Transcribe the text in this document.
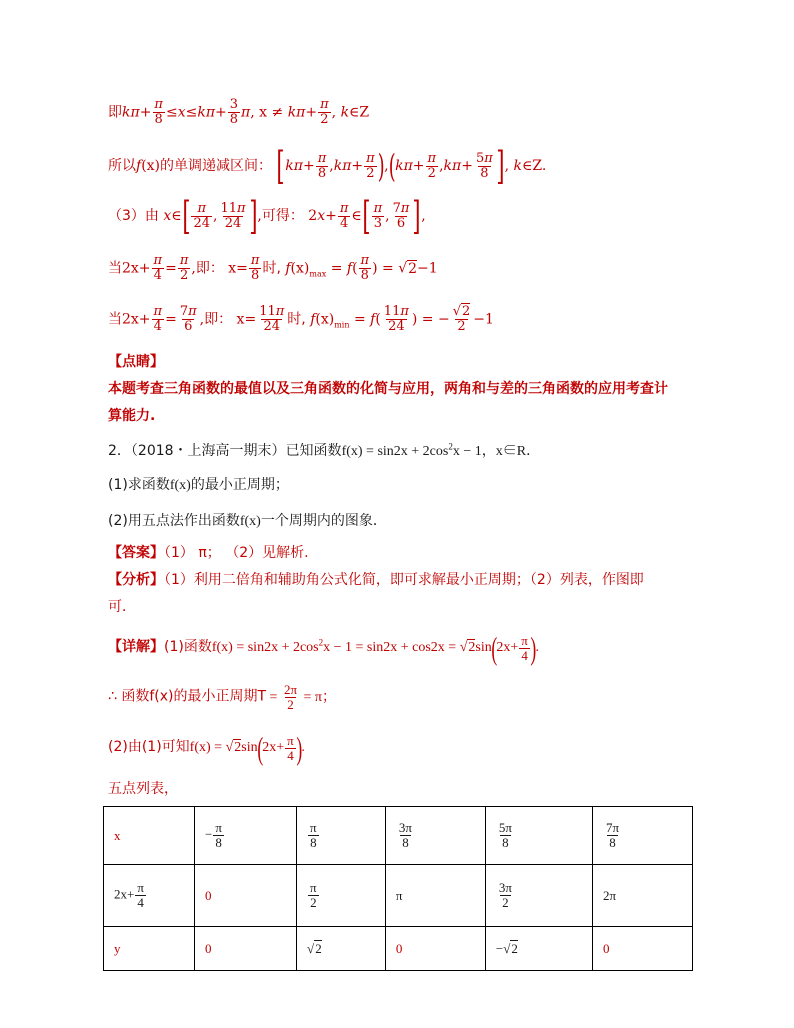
即$k\pi+ \frac{\pi}{8} \le x\le k\pi+ \frac{3}{8} \pi$, $x \ne k\pi+ \frac{\pi}{2}$ , k∈Z
所以f(x)的单调递减区间： $[k\pi+ \frac{\pi}{8} ,k\pi+ \frac{\pi}{2} ),(k\pi+ \frac{\pi}{2} ,k\pi+ \frac{5\pi}{8}$ ], k∈Z.
（3）由 x∈[ $\frac{\pi}{24}$ , $\frac{11\pi}{24}$ ],可得： $2x+ \frac{\pi}{4}$ ∈[ $\frac{\pi}{3}$ , $\frac{7\pi}{6}$ ],
当$2x+ \frac{\pi}{4} = \frac{\pi}{2}$ ,即： $x= \frac{\pi}{8}$ 时, $f(x)_{max} = f( \frac{\pi}{8}$ ) = √2−1
当$2x+ \frac{\pi}{4} = \frac{7\pi}{6}$ ,即： $x= \frac{11\pi}{24}$ 时, $f(x)_{min} = f( \frac{11\pi}{24}$ ) = − $\frac{√2}{2} -1$
【点睛】
本题考查三角函数的最值以及三角函数的化简与应用，两角和与差的三角函数的应用考查计
算能力.
2．（2018・上海高一期末）已知函数$f(x) = \sin 2x + 2\cos^2x - 1$，x∈R．
(1)求函数f(x)的最小正周期；
(2)用五点法作出函数f(x)一个周期内的图象．
【答案】（1） π； （2）见解析.
【分析】（1）利用二倍角和辅助角公式化简，即可求解最小正周期；（2）列表，作图即
可．
【详解】(1)函数$f(x) = \sin 2x + 2\cos^2x - 1 = \sin 2x + \cos 2x = √2\sin(2x+ \frac{\pi}{4}$ ).
∴ 函数f(x)的最小正周期$T = \frac{2\pi}{2} = \pi$；
(2)由(1)可知$f(x) = √2\sin(2x+ \frac{\pi}{4}$ ).
五点列表，
x	− $\frac{\pi}{8}$	$\frac{\pi}{8}$	$\frac{3\pi}{8}$	$\frac{5\pi}{8}$	$\frac{7\pi}{8}$

$2x+ \frac{\pi}{4}$	0	$\frac{\pi}{2}$	π	$\frac{3\pi}{2}$	2π
y	0	√2	0	−√2	0
